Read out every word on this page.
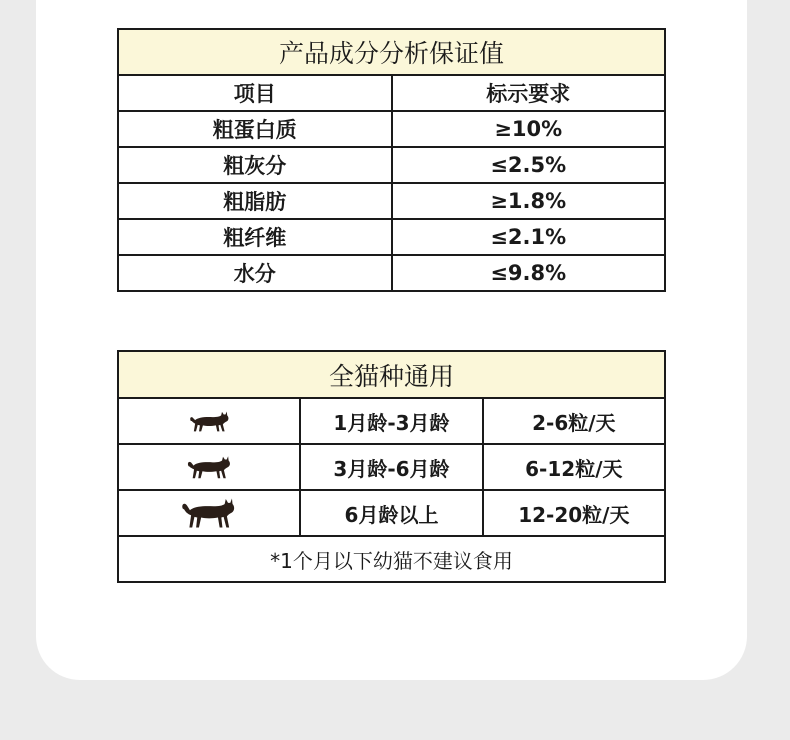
产品成分分析保证值	
项目	标示要求
粗蛋白质	≥10%
粗灰分	≤2.5%
粗脂肪	≥1.8%
粗纤维	≤2.1%
水分	≤9.8%
全猫种通用		

	1月龄-3月龄	2-6粒/天

	3月龄-6月龄	6-12粒/天

	6月龄以上	12-20粒/天
*1个月以下幼猫不建议食用		
